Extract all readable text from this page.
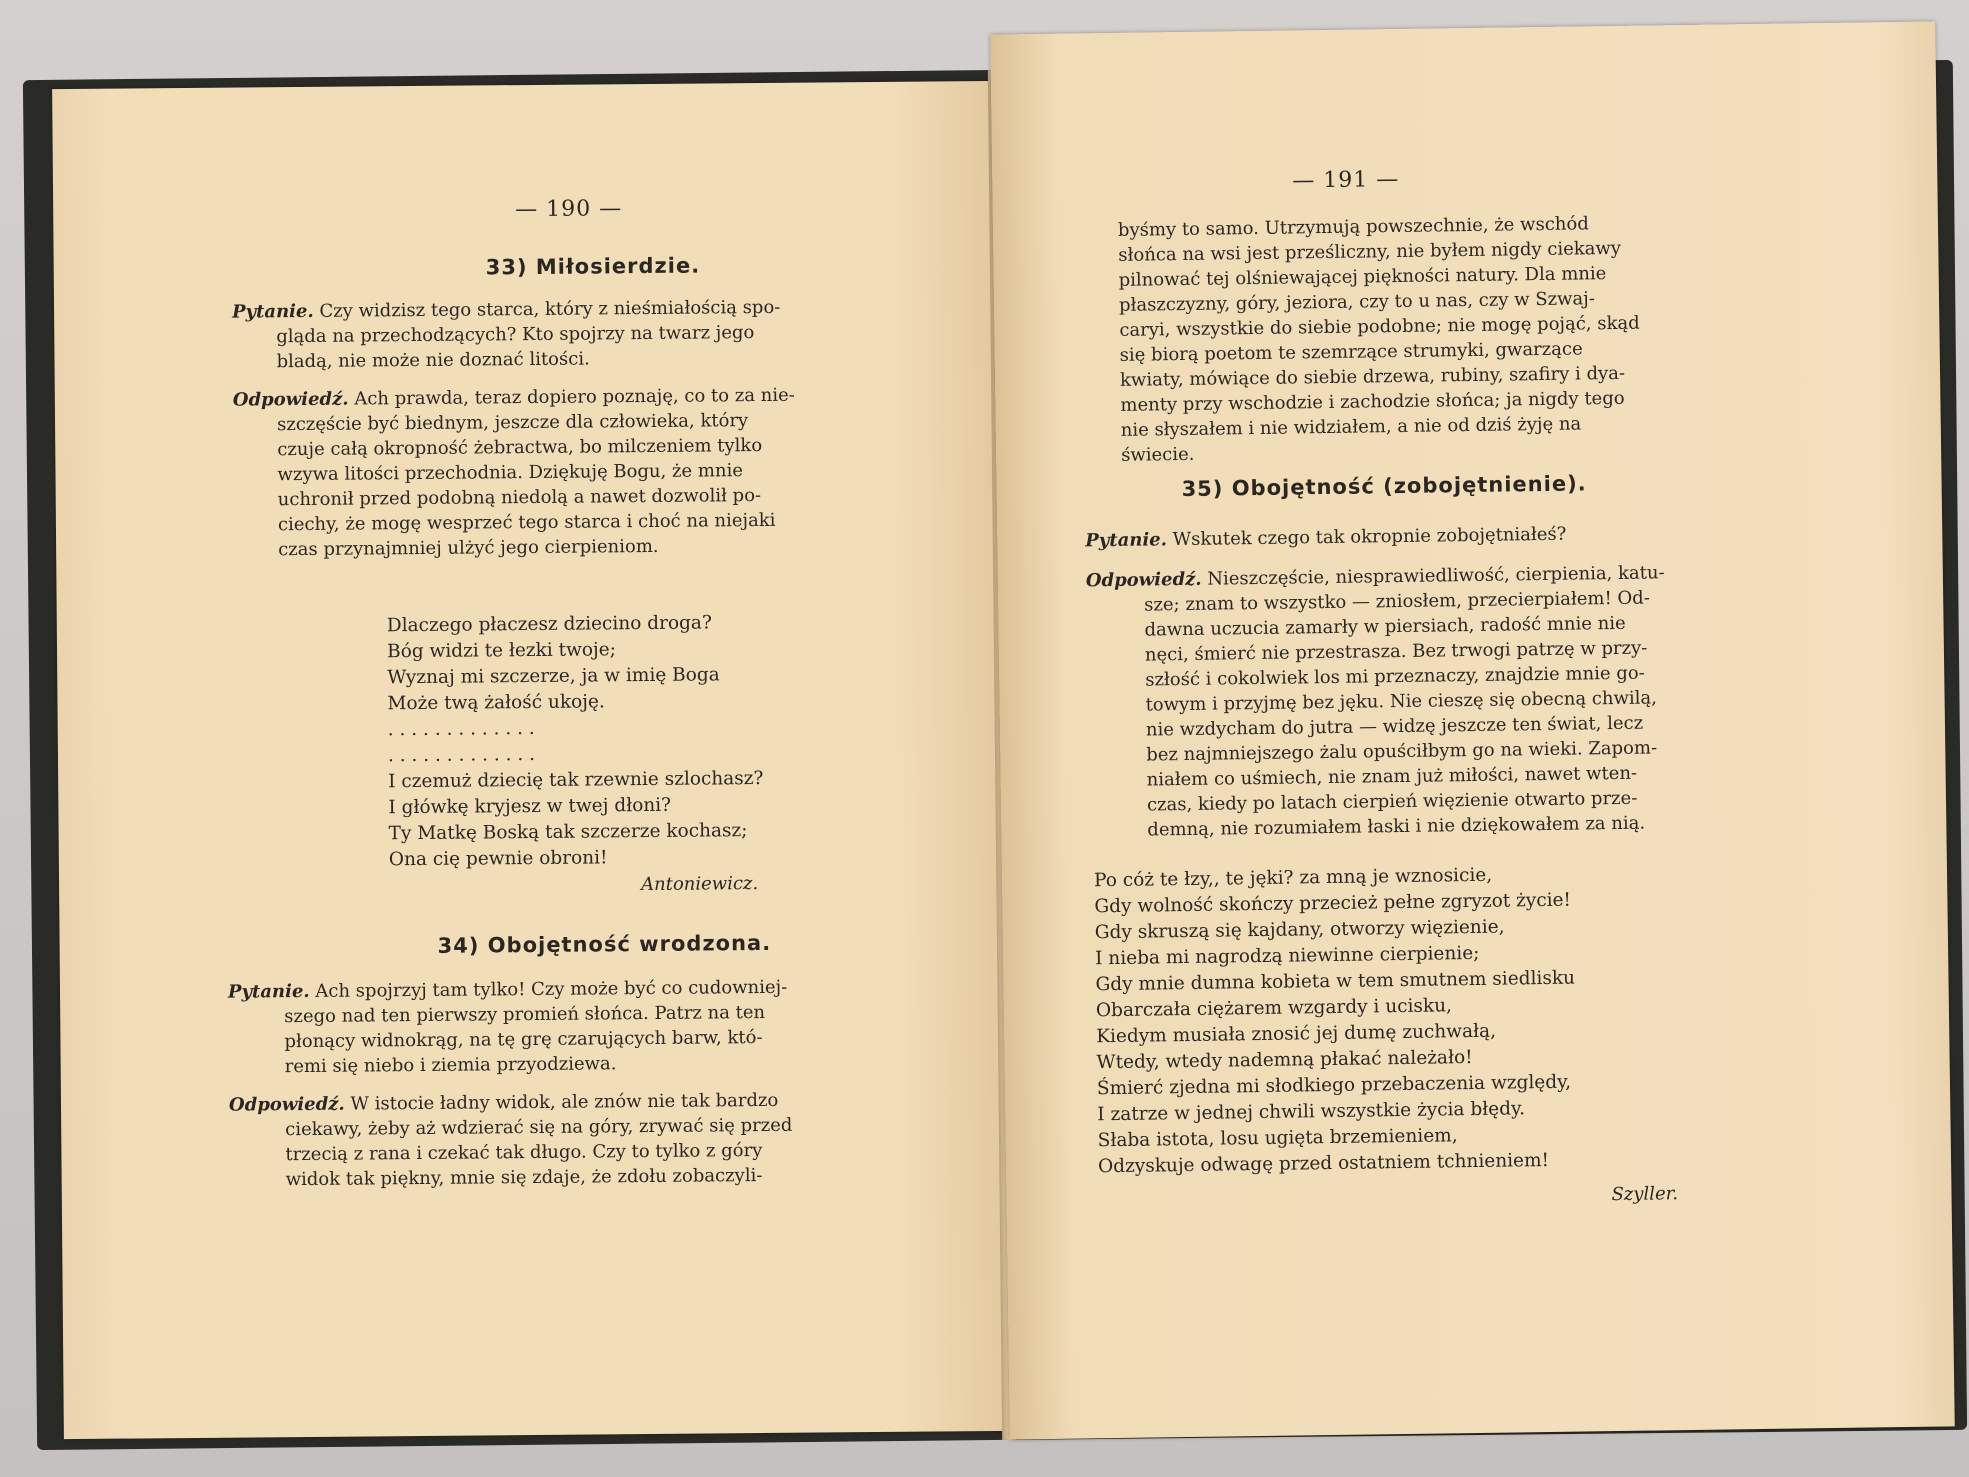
— 190 —
33) Miłosierdzie.
Pytanie. Czy widzisz tego starca, który z nieśmiałością spo-
gląda na przechodzących? Kto spojrzy na twarz jego
bladą, nie może nie doznać litości.
Odpowiedź. Ach prawda, teraz dopiero poznaję, co to za nie-
szczęście być biednym, jeszcze dla człowieka, który
czuje całą okropność żebractwa, bo milczeniem tylko
wzywa litości przechodnia. Dziękuję Bogu, że mnie
uchronił przed podobną niedolą a nawet dozwolił po-
ciechy, że mogę wesprzeć tego starca i choć na niejaki
czas przynajmniej ulżyć jego cierpieniom.
Dlaczego płaczesz dziecino droga?
Bóg widzi te łezki twoje;
Wyznaj mi szczerze, ja w imię Boga
Może twą żałość ukoję.
. . . . . . . . . . . . .
. . . . . . . . . . . . .
I czemuż dziecię tak rzewnie szlochasz?
I główkę kryjesz w twej dłoni?
Ty Matkę Boską tak szczerze kochasz;
Ona cię pewnie obroni!
Antoniewicz.
34) Obojętność wrodzona.
Pytanie. Ach spojrzyj tam tylko! Czy może być co cudowniej-
szego nad ten pierwszy promień słońca. Patrz na ten
płonący widnokrąg, na tę grę czarujących barw, któ-
remi się niebo i ziemia przyodziewa.
Odpowiedź. W istocie ładny widok, ale znów nie tak bardzo
ciekawy, żeby aż wdzierać się na góry, zrywać się przed
trzecią z rana i czekać tak długo. Czy to tylko z góry
widok tak piękny, mnie się zdaje, że zdołu zobaczyli-
— 191 —
byśmy to samo. Utrzymują powszechnie, że wschód
słońca na wsi jest prześliczny, nie byłem nigdy ciekawy
pilnować tej olśniewającej piękności natury. Dla mnie
płaszczyzny, góry, jeziora, czy to u nas, czy w Szwaj-
caryi, wszystkie do siebie podobne; nie mogę pojąć, skąd
się biorą poetom te szemrzące strumyki, gwarzące
kwiaty, mówiące do siebie drzewa, rubiny, szafiry i dya-
menty przy wschodzie i zachodzie słońca; ja nigdy tego
nie słyszałem i nie widziałem, a nie od dziś żyję na
świecie.
35) Obojętność (zobojętnienie).
Pytanie. Wskutek czego tak okropnie zobojętniałeś?
Odpowiedź. Nieszczęście, niesprawiedliwość, cierpienia, katu-
sze; znam to wszystko — zniosłem, przecierpiałem! Od-
dawna uczucia zamarły w piersiach, radość mnie nie
nęci, śmierć nie przestrasza. Bez trwogi patrzę w przy-
szłość i cokolwiek los mi przeznaczy, znajdzie mnie go-
towym i przyjmę bez jęku. Nie cieszę się obecną chwilą,
nie wzdycham do jutra — widzę jeszcze ten świat, lecz
bez najmniejszego żalu opuściłbym go na wieki. Zapom-
niałem co uśmiech, nie znam już miłości, nawet wten-
czas, kiedy po latach cierpień więzienie otwarto prze-
demną, nie rozumiałem łaski i nie dziękowałem za nią.
Po cóż te łzy,, te jęki? za mną je wznosicie,
Gdy wolność skończy przecież pełne zgryzot życie!
Gdy skruszą się kajdany, otworzy więzienie,
I nieba mi nagrodzą niewinne cierpienie;
Gdy mnie dumna kobieta w tem smutnem siedlisku
Obarczała ciężarem wzgardy i ucisku,
Kiedym musiała znosić jej dumę zuchwałą,
Wtedy, wtedy nademną płakać należało!
Śmierć zjedna mi słodkiego przebaczenia względy,
I zatrze w jednej chwili wszystkie życia błędy.
Słaba istota, losu ugięta brzemieniem,
Odzyskuje odwagę przed ostatniem tchnieniem!
Szyller.
